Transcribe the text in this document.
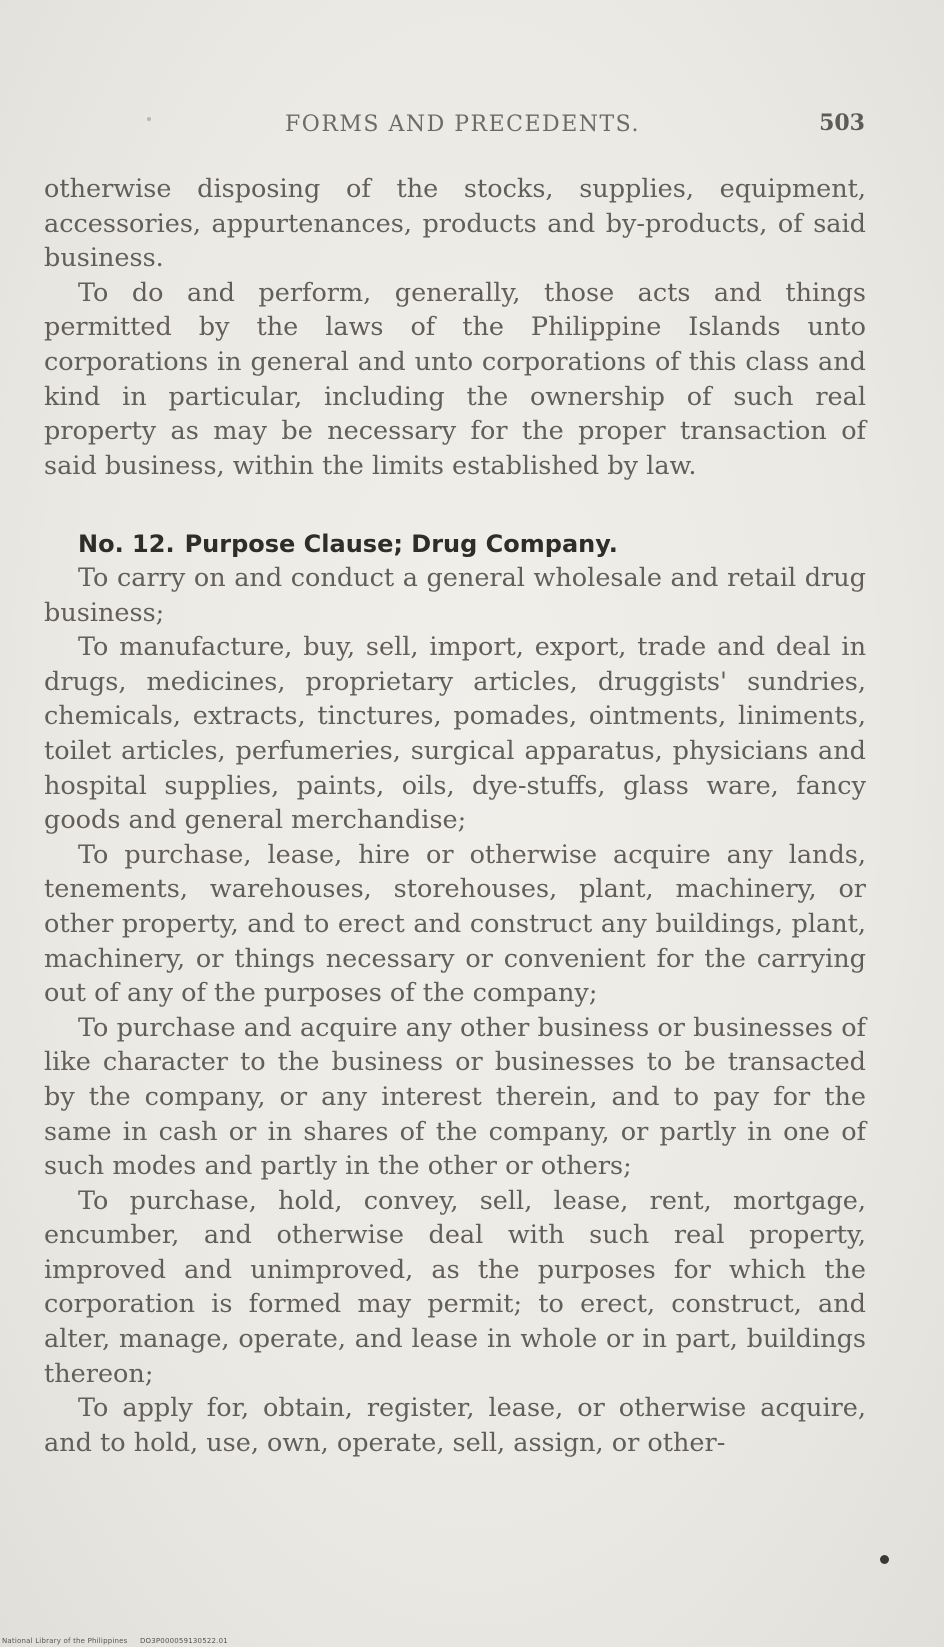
FORMS AND PRECEDENTS.	503

otherwise disposing of the stocks, supplies, equipment, accessories, appurtenances, products and by-products, of said business.

To do and perform, generally, those acts and things permitted by the laws of the Philippine Islands unto corporations in general and unto corporations of this class and kind in particular, including the ownership of such real property as may be necessary for the proper transaction of said business, within the limits established by law.

No. 12. Purpose Clause; Drug Company.

To carry on and conduct a general wholesale and retail drug business;

To manufacture, buy, sell, import, export, trade and deal in drugs, medicines, proprietary articles, druggists' sundries, chemicals, extracts, tinctures, pomades, ointments, liniments, toilet articles, perfumeries, surgical apparatus, physicians and hospital supplies, paints, oils, dye-stuffs, glass ware, fancy goods and general merchandise;

To purchase, lease, hire or otherwise acquire any lands, tenements, warehouses, storehouses, plant, machinery, or other property, and to erect and construct any buildings, plant, machinery, or things necessary or convenient for the carrying out of any of the purposes of the company;

To purchase and acquire any other business or businesses of like character to the business or businesses to be transacted by the company, or any interest therein, and to pay for the same in cash or in shares of the company, or partly in one of such modes and partly in the other or others;

To purchase, hold, convey, sell, lease, rent, mortgage, encumber, and otherwise deal with such real property, improved and unimproved, as the purposes for which the corporation is formed may permit; to erect, construct, and alter, manage, operate, and lease in whole or in part, buildings thereon;

To apply for, obtain, register, lease, or otherwise acquire, and to hold, use, own, operate, sell, assign, or other-

National Library of the Philippines DO3P000059130522.01
